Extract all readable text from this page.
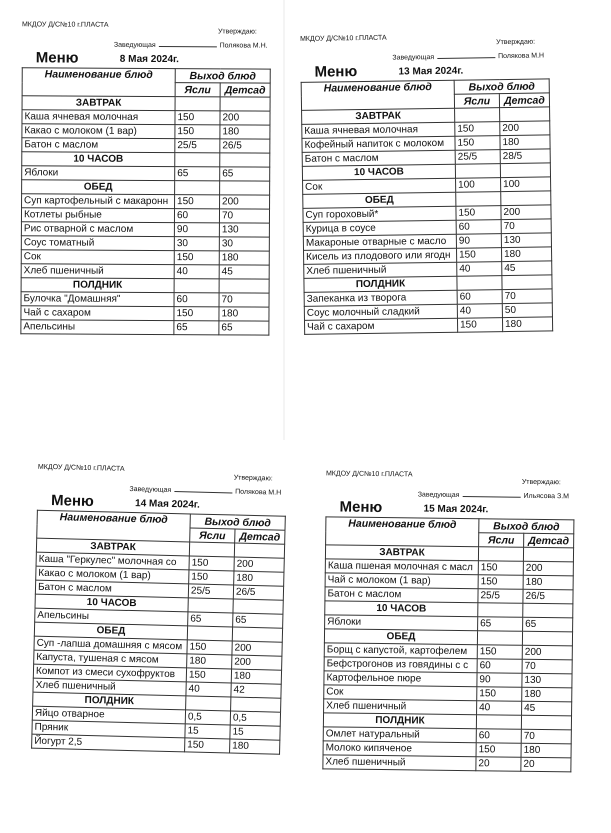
МКДОУ Д/С№10 г.ПЛАСТА
Утверждаю:
Заведующая	Полякова М.Н.
Меню	8 Мая 2024г.
Наименование блюд	Выход блюд	
	Ясли	Детсад
ЗАВТРАК		
Каша ячневая молочная	150	200
Какао с молоком (1 вар)	150	180
Батон с маслом	25/5	26/5
10 ЧАСОВ		
Яблоки	65	65
ОБЕД		
Суп картофельный с макаронн	150	200
Котлеты рыбные	60	70
Рис отварной с маслом	90	130
Соус томатный	30	30
Сок	150	180
Хлеб пшеничный	40	45
ПОЛДНИК		
Булочка "Домашняя"	60	70
Чай с сахаром	150	180
Апельсины	65	65
МКДОУ Д/С№10 г.ПЛАСТА	Утверждаю:
Заведующая	Полякова М.Н
Меню	13 Мая 2024г.
Наименование блюд	Выход блюд	
	Ясли	Детсад
ЗАВТРАК		
Каша ячневая молочная	150	200
Кофейный напиток с молоком	150	180
Батон с маслом	25/5	28/5
10 ЧАСОВ		
Сок	100	100
ОБЕД		
Суп гороховый*	150	200
Курица в соусе	60	70
Макароные отварные с масло	90	130
Кисель из плодового или ягодн	150	180
Хлеб пшеничный	40	45
ПОЛДНИК		
Запеканка из творога	60	70
Соус молочный сладкий	40	50
Чай с сахаром	150	180
МКДОУ Д/С№10 г.ПЛАСТА
Утверждаю:
Заведующая	Полякова М.Н
Меню	14 Мая 2024г.
Наименование блюд	Выход блюд	
	Ясли	Детсад
ЗАВТРАК		
Каша "Геркулес" молочная со	150	200
Какао с молоком (1 вар)	150	180
Батон с маслом	25/5	26/5
10 ЧАСОВ		
Апельсины	65	65
ОБЕД		
Суп -лапша домашняя с мясом	150	200
Капуста, тушеная с мясом	180	200
Компот из смеси сухофруктов	150	180
Хлеб пшеничный	40	42
ПОЛДНИК		
Яйцо отварное	0,5	0,5
Пряник	15	15
Йогурт 2,5	150	180
МКДОУ Д/С№10 г.ПЛАСТА
Утверждаю:
Заведующая	Ильясова З.М
Меню	15 Мая 2024г.
Наименование блюд	Выход блюд	
	Ясли	Детсад
ЗАВТРАК		
Каша пшеная молочная с масл	150	200
Чай с молоком (1 вар)	150	180
Батон с маслом	25/5	26/5
10 ЧАСОВ		
Яблоки	65	65
ОБЕД		
Борщ с капустой, картофелем	150	200
Бефстрогонов из говядины с с	60	70
Картофельное пюре	90	130
Сок	150	180
Хлеб пшеничный	40	45
ПОЛДНИК		
Омлет натуральный	60	70
Молоко кипяченое	150	180
Хлеб пшеничный	20	20
